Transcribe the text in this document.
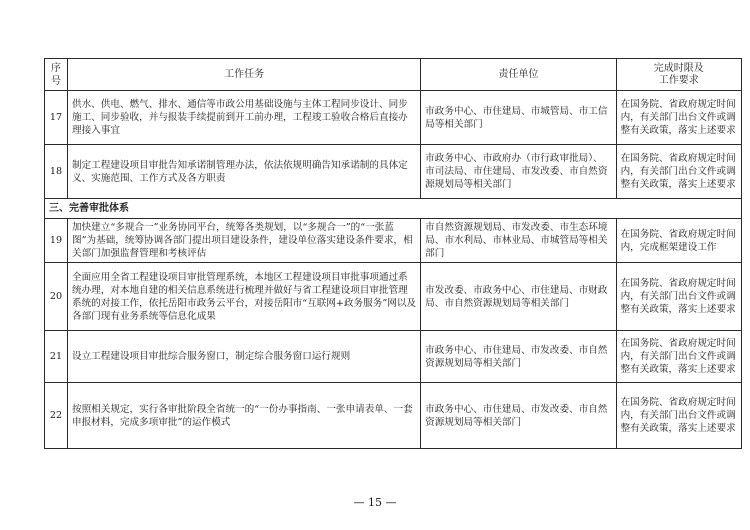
序号	工作任务	责任单位	完成时限及
工作要求
17	供水、供电、燃气、排水、通信等市政公用基础设施与主体工程同步设计、同步施工、同步验收，并与报装手续提前到开工前办理，工程竣工验收合格后直接办理接入事宜	市政务中心、市住建局、市城管局、市工信局等相关部门	在国务院、省政府规定时间内，有关部门出台文件或调整有关政策，落实上述要求
18	制定工程建设项目审批告知承诺制管理办法，依法依规明确告知承诺制的具体定义、实施范围、工作方式及各方职责	市政务中心、市政府办（市行政审批局）、市司法局、市住建局、市发改委、市自然资源规划局等相关部门	在国务院、省政府规定时间内，有关部门出台文件或调整有关政策，落实上述要求
三、完善审批体系			
19	加快建立“多规合一”业务协同平台，统筹各类规划，以“多规合一”的“一张蓝图”为基础，统筹协调各部门提出项目建设条件，建设单位落实建设条件要求，相关部门加强监督管理和考核评估	市自然资源规划局、市发改委、市生态环境局、市水利局、市林业局、市城管局等相关部门	在国务院、省政府规定时间内，完成框架建设工作
20	全面应用全省工程建设项目审批管理系统，本地区工程建设项目审批事项通过系统办理，对本地自建的相关信息系统进行梳理并做好与省工程建设项目审批管理系统的对接工作，依托岳阳市政务云平台，对接岳阳市“互联网+政务服务”网以及各部门现有业务系统等信息化成果	市发改委、市政务中心、市住建局、市财政局、市自然资源规划局等相关部门	在国务院、省政府规定时间内，有关部门出台文件或调整有关政策，落实上述要求
21	设立工程建设项目审批综合服务窗口，制定综合服务窗口运行规则	市政务中心、市住建局、市发改委、市自然资源规划局等相关部门	在国务院、省政府规定时间内，有关部门出台文件或调整有关政策，落实上述要求
22	按照相关规定，实行各审批阶段全省统一的“一份办事指南、一张申请表单、一套申报材料，完成多项审批”的运作模式	市政务中心、市住建局、市发改委、市自然资源规划局等相关部门	在国务院、省政府规定时间内，有关部门出台文件或调整有关政策，落实上述要求
— 15 —
